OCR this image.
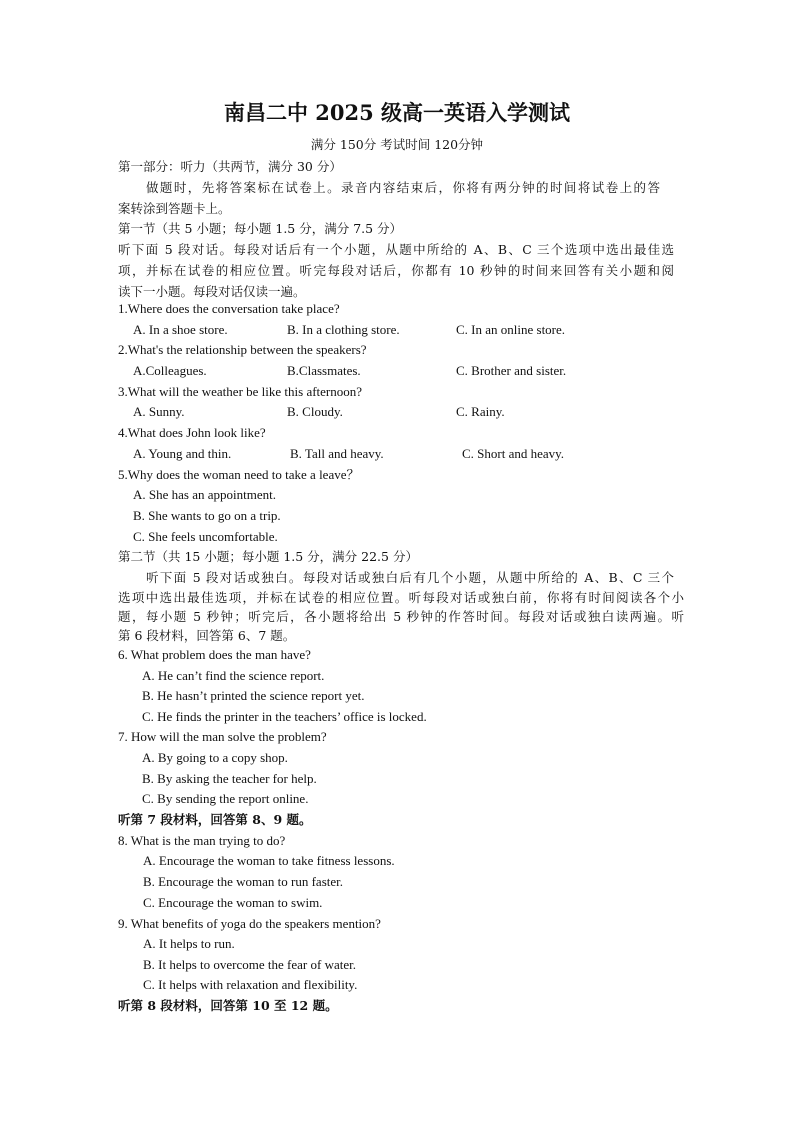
南昌二中 2025 级高一英语入学测试
满分 150分 考试时间 120分钟
第一部分：听力（共两节，满分 30 分）
做题时，先将答案标在试卷上。录音内容结束后，你将有两分钟的时间将试卷上的答
案转涂到答题卡上。
第一节（共 5 小题；每小题 1.5 分，满分 7.5 分）
听下面 5 段对话。每段对话后有一个小题，从题中所给的 A、B、C 三个选项中选出最佳选
项，并标在试卷的相应位置。听完每段对话后，你都有 10 秒钟的时间来回答有关小题和阅
读下一小题。每段对话仅读一遍。
1.Where does the conversation take place?
A. In a shoe store.	B. In a clothing store.	C. In an online store.
2.What's the relationship between the speakers?
A.Colleagues.	B.Classmates.	C. Brother and sister.
3.What will the weather be like this afternoon?
A. Sunny.	B. Cloudy.	C. Rainy.
4.What does John look like?
A. Young and thin.	B. Tall and heavy.	C. Short and heavy.
5.Why does the woman need to take a leave？
A. She has an appointment.
B. She wants to go on a trip.
C. She feels uncomfortable.
第二节（共 15 小题；每小题 1.5 分，满分 22.5 分）
听下面 5 段对话或独白。每段对话或独白后有几个小题，从题中所给的 A、B、C 三个
选项中选出最佳选项，并标在试卷的相应位置。听每段对话或独白前，你将有时间阅读各个小
题，每小题 5 秒钟；听完后，各小题将给出 5 秒钟的作答时间。每段对话或独白读两遍。听
第 6 段材料，回答第 6、7 题。
6. What problem does the man have?
A. He can’t find the science report.
B. He hasn’t printed the science report yet.
C. He finds the printer in the teachers’ office is locked.
7. How will the man solve the problem?
A. By going to a copy shop.
B. By asking the teacher for help.
C. By sending the report online.
听第 7 段材料，回答第 8、9 题。
8. What is the man trying to do?
A. Encourage the woman to take fitness lessons.
B. Encourage the woman to run faster.
C. Encourage the woman to swim.
9. What benefits of yoga do the speakers mention?
A. It helps to run.
B. It helps to overcome the fear of water.
C. It helps with relaxation and flexibility.
听第 8 段材料，回答第 10 至 12 题。
